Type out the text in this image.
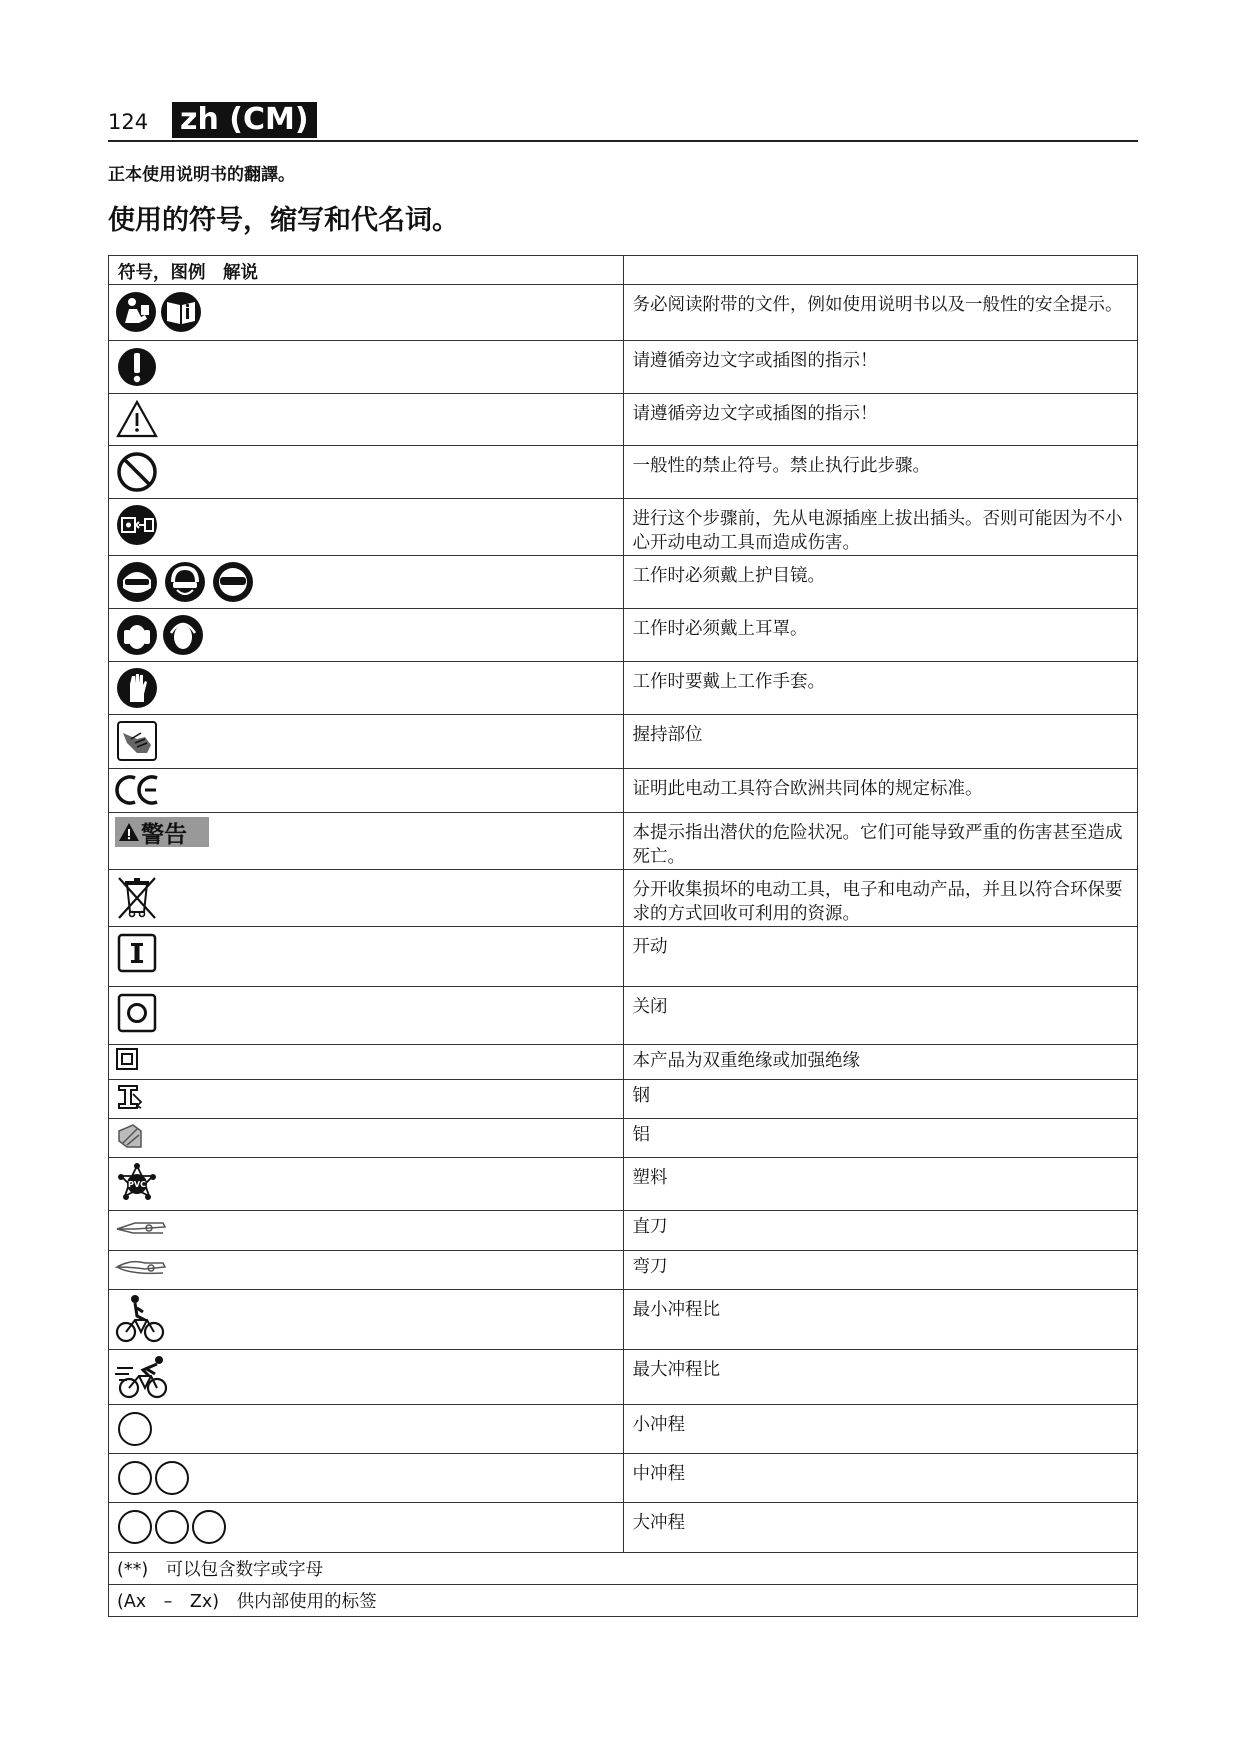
124 zh (CM)
正本使用说明书的翻譯。
使用的符号，缩写和代名词。
符号，图例　解说	

	务必阅读附带的文件，例如使用说明书以及一般性的安全提示。

	请遵循旁边文字或插图的指示！

	请遵循旁边文字或插图的指示！

	一般性的禁止符号。禁止执行此步骤。

	进行这个步骤前，先从电源插座上拔出插头。否则可能因为不小心开动电动工具而造成伤害。

	工作时必须戴上护目镜。

	工作时必须戴上耳罩。

	工作时要戴上工作手套。

	握持部位

	证明此电动工具符合欧洲共同体的规定标准。

警告	本提示指出潜伏的危险状况。它们可能导致严重的伤害甚至造成死亡。

	分开收集损坏的电动工具，电子和电动产品，并且以符合环保要求的方式回收可利用的资源。

	开动

	关闭

	本产品为双重绝缘或加强绝缘

	钢

	铝

PVC	塑料

	直刀

	弯刀

	最小冲程比

	最大冲程比

	小冲程

	中冲程

	大冲程
(**)　可以包含数字或字母	
(Ax　–　Zx)　供内部使用的标签	
